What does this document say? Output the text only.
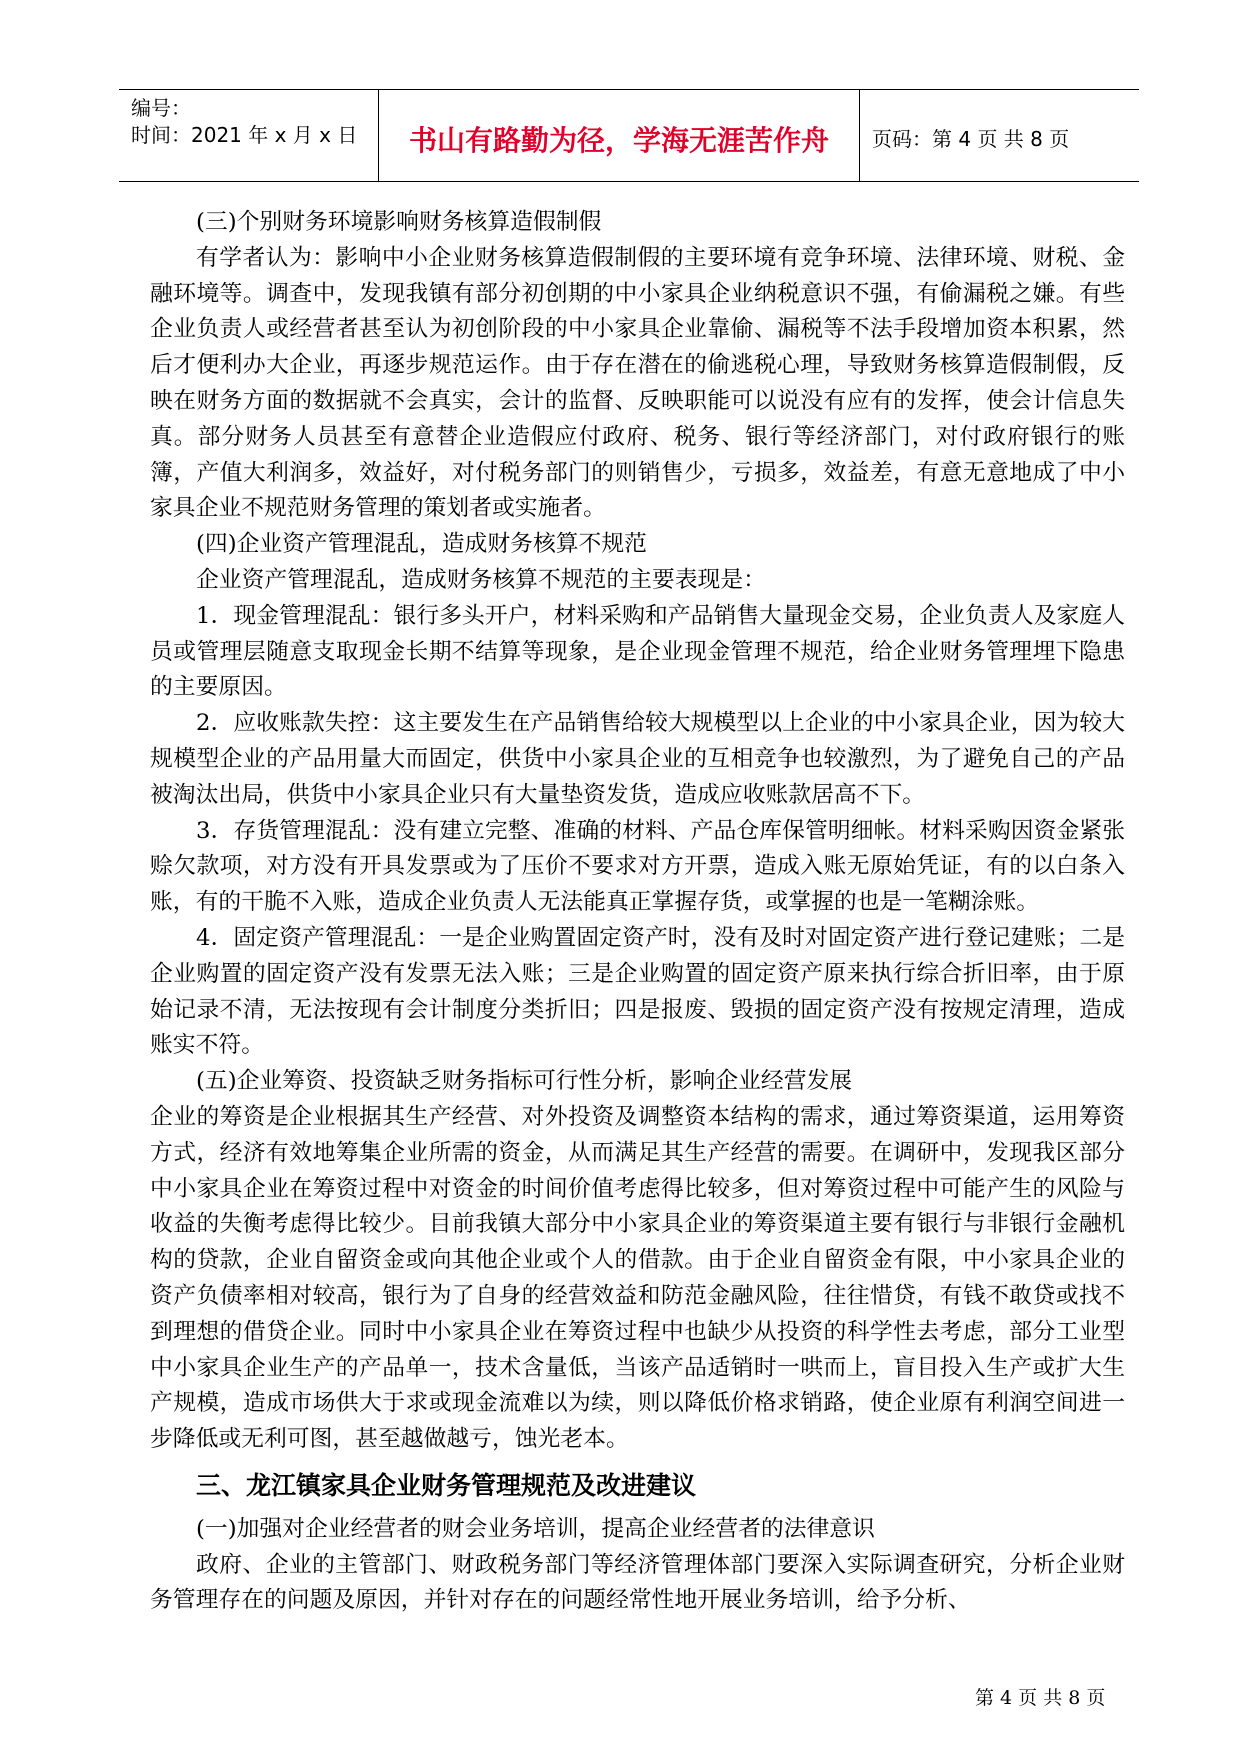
编号：
时间：2021 年 x 月 x 日	书山有路勤为径，学海无涯苦作舟	页码：第 4 页 共 8 页

(三)个别财务环境影响财务核算造假制假

有学者认为：影响中小企业财务核算造假制假的主要环境有竞争环境、法律环境、财税、金融环境等。调查中，发现我镇有部分初创期的中小家具企业纳税意识不强，有偷漏税之嫌。有些企业负责人或经营者甚至认为初创阶段的中小家具企业靠偷、漏税等不法手段增加资本积累，然后才便利办大企业，再逐步规范运作。由于存在潜在的偷逃税心理，导致财务核算造假制假，反映在财务方面的数据就不会真实，会计的监督、反映职能可以说没有应有的发挥，使会计信息失真。部分财务人员甚至有意替企业造假应付政府、税务、银行等经济部门，对付政府银行的账簿，产值大利润多，效益好，对付税务部门的则销售少，亏损多，效益差，有意无意地成了中小家具企业不规范财务管理的策划者或实施者。

(四)企业资产管理混乱，造成财务核算不规范

企业资产管理混乱，造成财务核算不规范的主要表现是：

1．现金管理混乱：银行多头开户，材料采购和产品销售大量现金交易，企业负责人及家庭人员或管理层随意支取现金长期不结算等现象，是企业现金管理不规范，给企业财务管理埋下隐患的主要原因。

2．应收账款失控：这主要发生在产品销售给较大规模型以上企业的中小家具企业，因为较大规模型企业的产品用量大而固定，供货中小家具企业的互相竞争也较激烈，为了避免自己的产品被淘汰出局，供货中小家具企业只有大量垫资发货，造成应收账款居高不下。

3．存货管理混乱：没有建立完整、准确的材料、产品仓库保管明细帐。材料采购因资金紧张赊欠款项，对方没有开具发票或为了压价不要求对方开票，造成入账无原始凭证，有的以白条入账，有的干脆不入账，造成企业负责人无法能真正掌握存货，或掌握的也是一笔糊涂账。

4．固定资产管理混乱：一是企业购置固定资产时，没有及时对固定资产进行登记建账；二是企业购置的固定资产没有发票无法入账；三是企业购置的固定资产原来执行综合折旧率，由于原始记录不清，无法按现有会计制度分类折旧；四是报废、毁损的固定资产没有按规定清理，造成账实不符。

(五)企业筹资、投资缺乏财务指标可行性分析，影响企业经营发展

企业的筹资是企业根据其生产经营、对外投资及调整资本结构的需求，通过筹资渠道，运用筹资方式，经济有效地筹集企业所需的资金，从而满足其生产经营的需要。在调研中，发现我区部分中小家具企业在筹资过程中对资金的时间价值考虑得比较多，但对筹资过程中可能产生的风险与收益的失衡考虑得比较少。目前我镇大部分中小家具企业的筹资渠道主要有银行与非银行金融机构的贷款，企业自留资金或向其他企业或个人的借款。由于企业自留资金有限，中小家具企业的资产负债率相对较高，银行为了自身的经营效益和防范金融风险，往往惜贷，有钱不敢贷或找不到理想的借贷企业。同时中小家具企业在筹资过程中也缺少从投资的科学性去考虑，部分工业型中小家具企业生产的产品单一，技术含量低，当该产品适销时一哄而上，盲目投入生产或扩大生产规模，造成市场供大于求或现金流难以为续，则以降低价格求销路，使企业原有利润空间进一步降低或无利可图，甚至越做越亏，蚀光老本。

三、龙江镇家具企业财务管理规范及改进建议

(一)加强对企业经营者的财会业务培训，提高企业经营者的法律意识

政府、企业的主管部门、财政税务部门等经济管理体部门要深入实际调查研究，分析企业财务管理存在的问题及原因，并针对存在的问题经常性地开展业务培训，给予分析、

第 4 页 共 8 页
